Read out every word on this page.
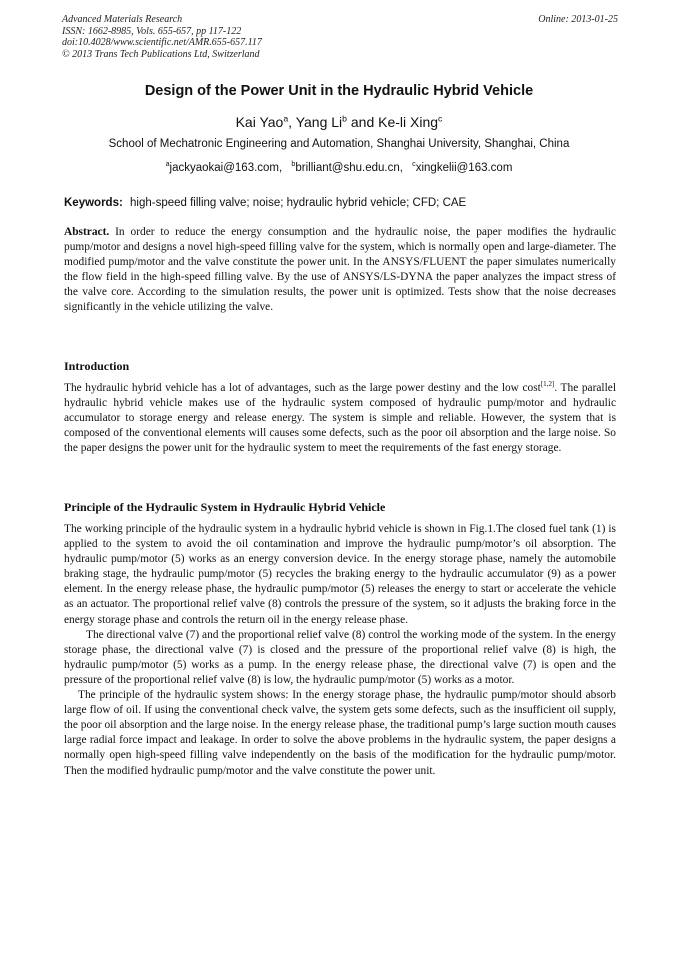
Advanced Materials Research
ISSN: 1662-8985, Vols. 655-657, pp 117-122
doi:10.4028/www.scientific.net/AMR.655-657.117
© 2013 Trans Tech Publications Ltd, Switzerland
Online: 2013-01-25
Design of the Power Unit in the Hydraulic Hybrid Vehicle
Kai Yao$^a$, Yang Li$^b$ and Ke-li Xing$^c$
School of Mechatronic Engineering and Automation, Shanghai University, Shanghai, China
$^a$jackyaokai@163.com, $^b$brilliant@shu.edu.cn, $^c$xingkelii@163.com
Keywords: high-speed filling valve; noise; hydraulic hybrid vehicle; CFD; CAE
Abstract. In order to reduce the energy consumption and the hydraulic noise, the paper modifies the hydraulic pump/motor and designs a novel high-speed filling valve for the system, which is normally open and large-diameter. The modified pump/motor and the valve constitute the power unit. In the ANSYS/FLUENT the paper simulates numerically the flow field in the high-speed filling valve. By the use of ANSYS/LS-DYNA the paper analyzes the impact stress of the valve core. According to the simulation results, the power unit is optimized. Tests show that the noise decreases significantly in the vehicle utilizing the valve.
Introduction
The hydraulic hybrid vehicle has a lot of advantages, such as the large power destiny and the low cost[1,2]. The parallel hydraulic hybrid vehicle makes use of the hydraulic system composed of hydraulic pump/motor and hydraulic accumulator to storage energy and release energy. The system is simple and reliable. However, the system that is composed of the conventional elements will causes some defects, such as the poor oil absorption and the large noise. So the paper designs the power unit for the hydraulic system to meet the requirements of the fast energy storage.
Principle of the Hydraulic System in Hydraulic Hybrid Vehicle

The working principle of the hydraulic system in a hydraulic hybrid vehicle is shown in Fig.1.The closed fuel tank (1) is applied to the system to avoid the oil contamination and improve the hydraulic pump/motor’s oil absorption. The hydraulic pump/motor (5) works as an energy conversion device. In the energy storage phase, namely the automobile braking stage, the hydraulic pump/motor (5) recycles the braking energy to the hydraulic accumulator (9) as a power element. In the energy release phase, the hydraulic pump/motor (5) releases the energy to start or accelerate the vehicle as an actuator. The proportional relief valve (8) controls the pressure of the system, so it adjusts the braking force in the energy storage phase and controls the return oil in the energy release phase.

The directional valve (7) and the proportional relief valve (8) control the working mode of the system. In the energy storage phase, the directional valve (7) is closed and the pressure of the proportional relief valve (8) is high, the hydraulic pump/motor (5) works as a pump. In the energy release phase, the directional valve (7) is open and the pressure of the proportional relief valve (8) is low, the hydraulic pump/motor (5) works as a motor.

The principle of the hydraulic system shows: In the energy storage phase, the hydraulic pump/motor should absorb large flow of oil. If using the conventional check valve, the system gets some defects, such as the insufficient oil supply, the poor oil absorption and the large noise. In the energy release phase, the traditional pump’s large suction mouth causes large radial force impact and leakage. In order to solve the above problems in the hydraulic system, the paper designs a normally open high-speed filling valve independently on the basis of the modification for the hydraulic pump/motor. Then the modified hydraulic pump/motor and the valve constitute the power unit.
